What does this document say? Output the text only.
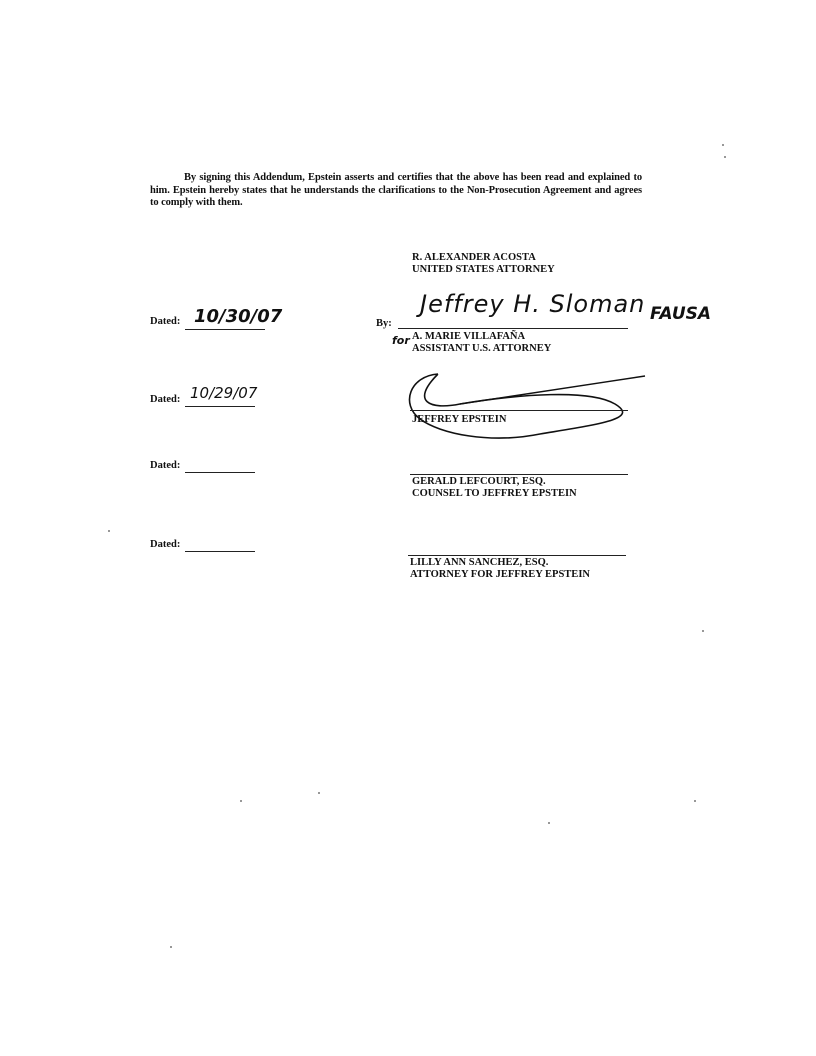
By signing this Addendum, Epstein asserts and certifies that the above has been read and explained to him. Epstein hereby states that he understands the clarifications to the Non-Prosecution Agreement and agrees to comply with them.
R. ALEXANDER ACOSTA
UNITED STATES ATTORNEY
Dated: 10/30/07	By:
Jeffrey H. Sloman FAUSA
for A. MARIE VILLAFAÑA
ASSISTANT U.S. ATTORNEY
Dated: 10/29/07
JEFFREY EPSTEIN
Dated:
GERALD LEFCOURT, ESQ.
COUNSEL TO JEFFREY EPSTEIN
Dated:
LILLY ANN SANCHEZ, ESQ.
ATTORNEY FOR JEFFREY EPSTEIN
